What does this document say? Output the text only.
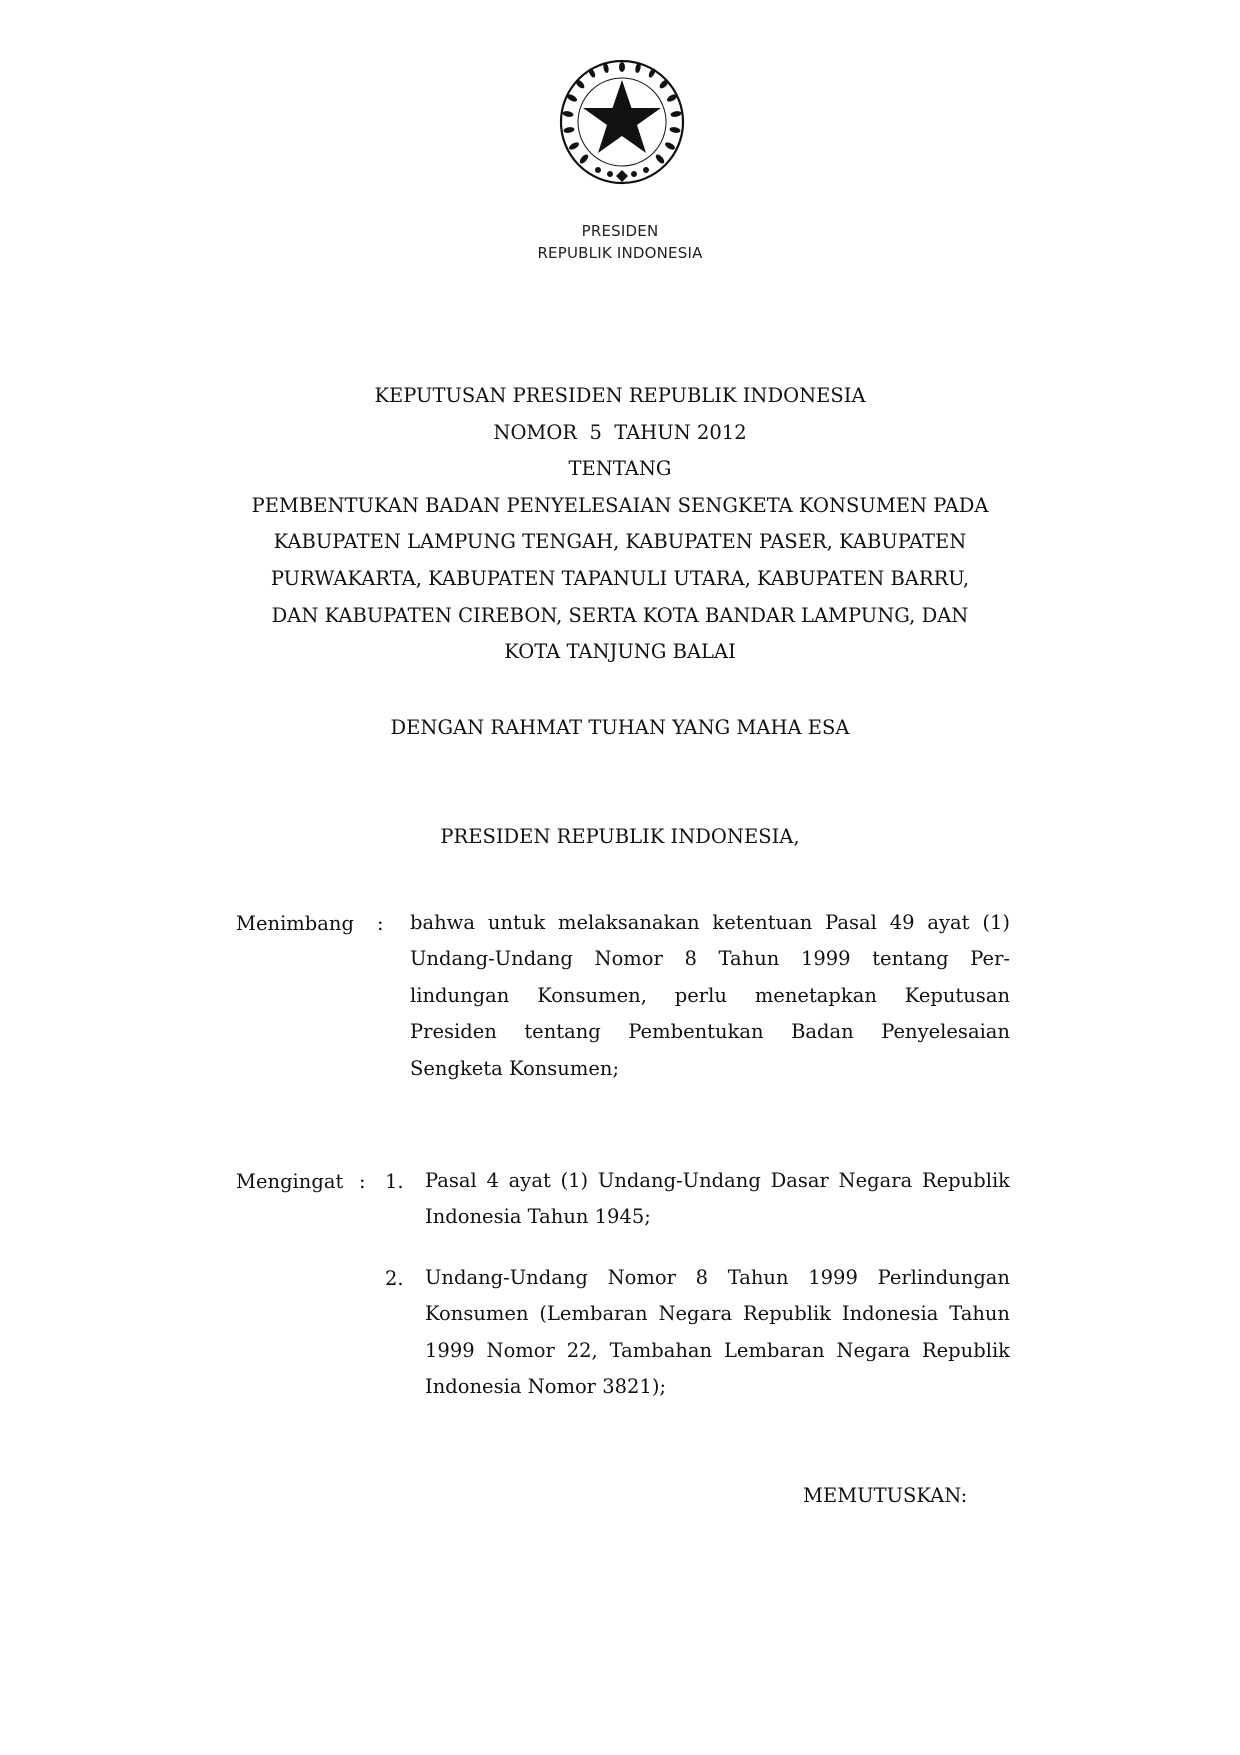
PRESIDEN
REPUBLIK INDONESIA
KEPUTUSAN PRESIDEN REPUBLIK INDONESIA
NOMOR  5  TAHUN 2012
TENTANG
PEMBENTUKAN BADAN PENYELESAIAN SENGKETA KONSUMEN PADA
KABUPATEN LAMPUNG TENGAH, KABUPATEN PASER, KABUPATEN
PURWAKARTA, KABUPATEN TAPANULI UTARA, KABUPATEN BARRU,
DAN KABUPATEN CIREBON, SERTA KOTA BANDAR LAMPUNG, DAN
KOTA TANJUNG BALAI
DENGAN RAHMAT TUHAN YANG MAHA ESA
PRESIDEN REPUBLIK INDONESIA,
Menimbang : bahwa untuk melaksanakan ketentuan Pasal 49 ayat (1)
Undang-Undang Nomor 8 Tahun 1999 tentang Per-
lindungan Konsumen, perlu menetapkan Keputusan
Presiden tentang Pembentukan Badan Penyelesaian
Sengketa Konsumen;
Mengingat : 1. Pasal 4 ayat (1) Undang-Undang Dasar Negara Republik
Indonesia Tahun 1945;
2. Undang-Undang Nomor 8 Tahun 1999 Perlindungan
Konsumen (Lembaran Negara Republik Indonesia Tahun
1999 Nomor 22, Tambahan Lembaran Negara Republik
Indonesia Nomor 3821);
MEMUTUSKAN:
